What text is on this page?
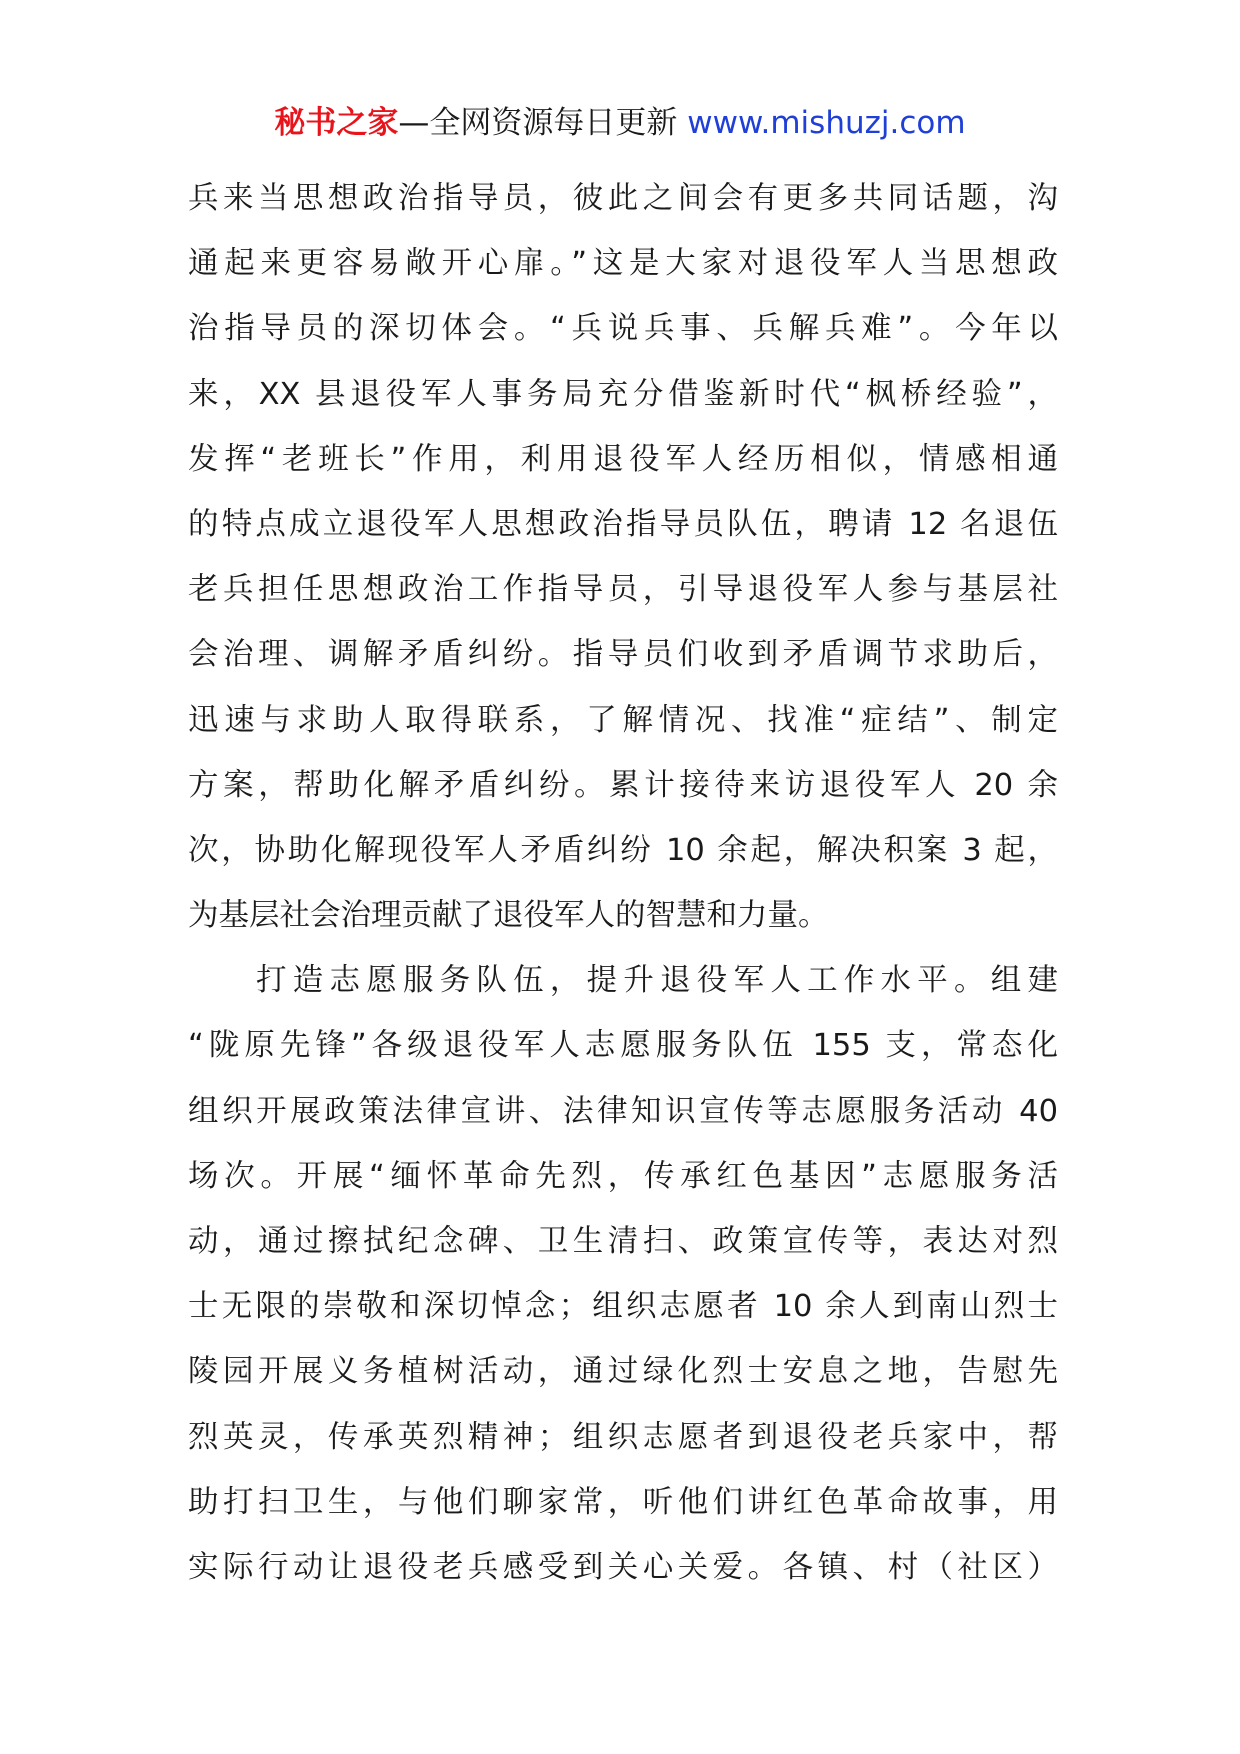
秘书之家—全网资源每日更新 www.mishuzj.com
兵来当思想政治指导员，彼此之间会有更多共同话题，沟
通起来更容易敞开心扉。”这是大家对退役军人当思想政
治指导员的深切体会。“兵说兵事、兵解兵难”。今年以
来，XX 县退役军人事务局充分借鉴新时代“枫桥经验”，
发挥“老班长”作用，利用退役军人经历相似，情感相通
的特点成立退役军人思想政治指导员队伍，聘请 12 名退伍
老兵担任思想政治工作指导员，引导退役军人参与基层社
会治理、调解矛盾纠纷。指导员们收到矛盾调节求助后，
迅速与求助人取得联系，了解情况、找准“症结”、制定
方案，帮助化解矛盾纠纷。累计接待来访退役军人 20 余
次，协助化解现役军人矛盾纠纷 10 余起，解决积案 3 起，
为基层社会治理贡献了退役军人的智慧和力量。
打造志愿服务队伍，提升退役军人工作水平。组建
“陇原先锋”各级退役军人志愿服务队伍 155 支，常态化
组织开展政策法律宣讲、法律知识宣传等志愿服务活动 40
场次。开展“缅怀革命先烈，传承红色基因”志愿服务活
动，通过擦拭纪念碑、卫生清扫、政策宣传等，表达对烈
士无限的崇敬和深切悼念；组织志愿者 10 余人到南山烈士
陵园开展义务植树活动，通过绿化烈士安息之地，告慰先
烈英灵，传承英烈精神；组织志愿者到退役老兵家中，帮
助打扫卫生，与他们聊家常，听他们讲红色革命故事，用
实际行动让退役老兵感受到关心关爱。各镇、村（社区）
